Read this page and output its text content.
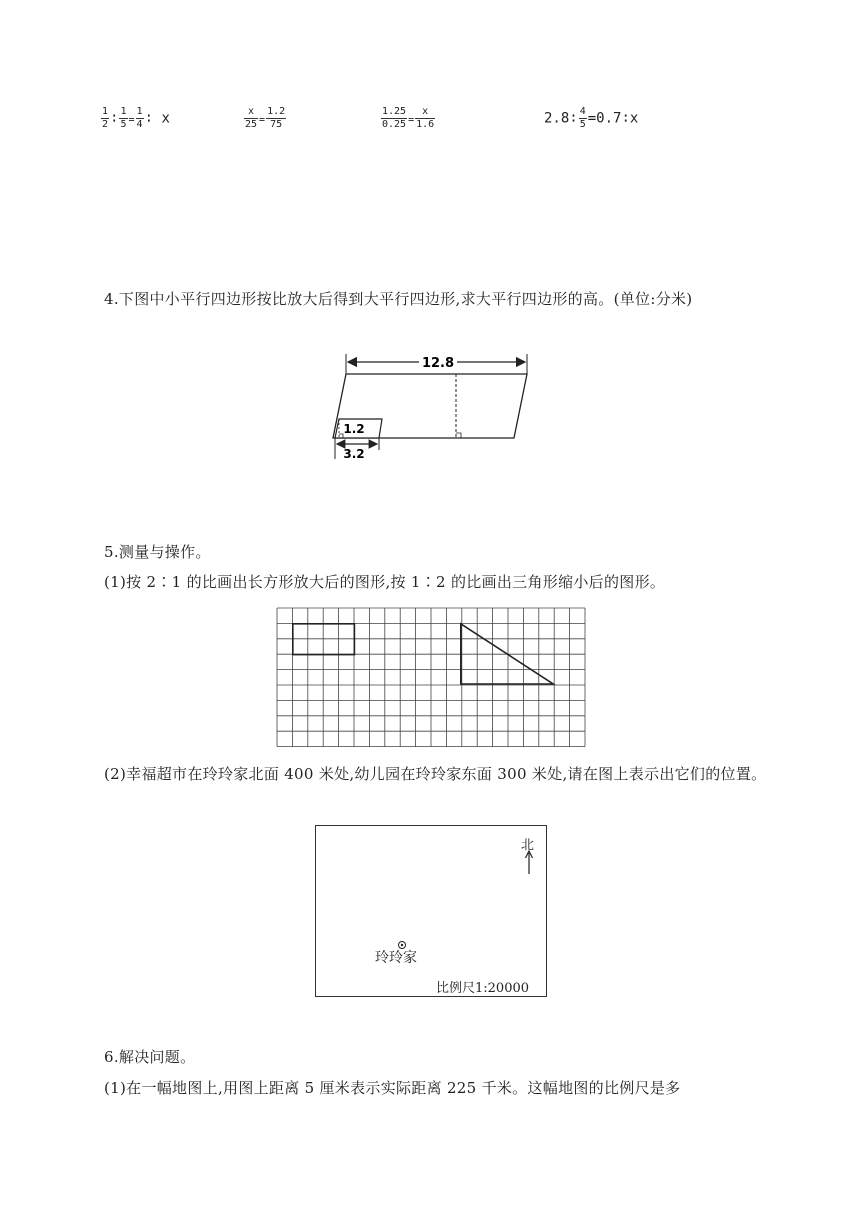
$\frac{1}{2}$ ∶ $\frac{1}{5} = \frac{1}{4}$ ∶ x	$\frac{x}{25} = \frac{1.2}{75}$	$\frac{1.25}{0.25} = \frac{x}{1.6}$	2.8∶ $\frac{4}{5}$ =0.7∶x
4.下图中小平行四边形按比放大后得到大平行四边形,求大平行四边形的高。(单位:分米)
12.8
1.2
3.2
5.测量与操作。
(1)按 2∶1 的比画出长方形放大后的图形,按 1∶2 的比画出三角形缩小后的图形。
(2)幸福超市在玲玲家北面 400 米处,幼儿园在玲玲家东面 300 米处,请在图上表示出它们的位置。
北
玲玲家
比例尺1:20000
6.解决问题。
(1)在一幅地图上,用图上距离 5 厘米表示实际距离 225 千米。这幅地图的比例尺是多
